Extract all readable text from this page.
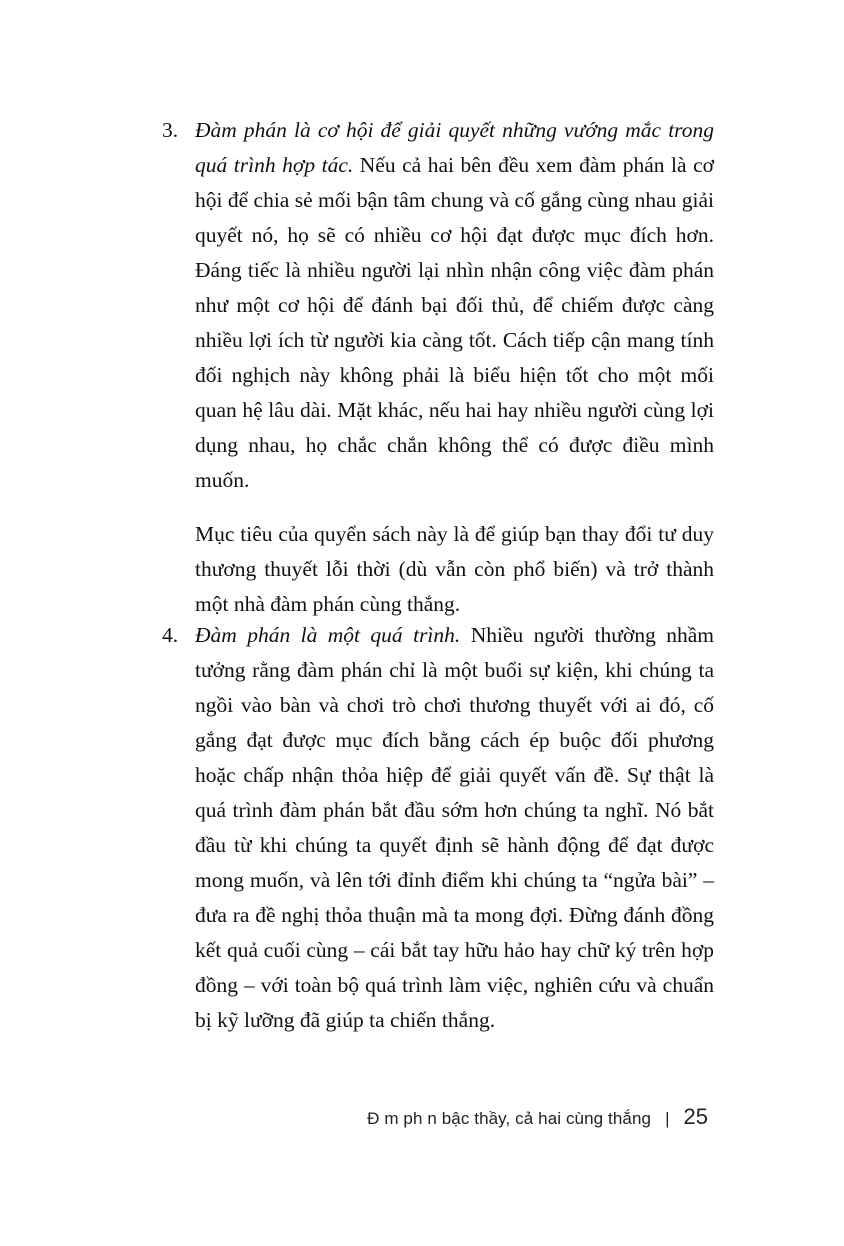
3. Đàm phán là cơ hội để giải quyết những vướng mắc trong quá trình hợp tác. Nếu cả hai bên đều xem đàm phán là cơ hội để chia sẻ mối bận tâm chung và cố gắng cùng nhau giải quyết nó, họ sẽ có nhiều cơ hội đạt được mục đích hơn. Đáng tiếc là nhiều người lại nhìn nhận công việc đàm phán như một cơ hội để đánh bại đối thủ, để chiếm được càng nhiều lợi ích từ người kia càng tốt. Cách tiếp cận mang tính đối nghịch này không phải là biểu hiện tốt cho một mối quan hệ lâu dài. Mặt khác, nếu hai hay nhiều người cùng lợi dụng nhau, họ chắc chắn không thể có được điều mình muốn.

Mục tiêu của quyển sách này là để giúp bạn thay đổi tư duy thương thuyết lỗi thời (dù vẫn còn phổ biến) và trở thành một nhà đàm phán cùng thắng.

4. Đàm phán là một quá trình. Nhiều người thường nhầm tưởng rằng đàm phán chỉ là một buổi sự kiện, khi chúng ta ngồi vào bàn và chơi trò chơi thương thuyết với ai đó, cố gắng đạt được mục đích bằng cách ép buộc đối phương hoặc chấp nhận thỏa hiệp để giải quyết vấn đề. Sự thật là quá trình đàm phán bắt đầu sớm hơn chúng ta nghĩ. Nó bắt đầu từ khi chúng ta quyết định sẽ hành động để đạt được mong muốn, và lên tới đỉnh điểm khi chúng ta “ngửa bài” – đưa ra đề nghị thỏa thuận mà ta mong đợi. Đừng đánh đồng kết quả cuối cùng – cái bắt tay hữu hảo hay chữ ký trên hợp đồng – với toàn bộ quá trình làm việc, nghiên cứu và chuẩn bị kỹ lưỡng đã giúp ta chiến thắng.

Đ m ph n bậc thầy, cả hai cùng thắng | 25
